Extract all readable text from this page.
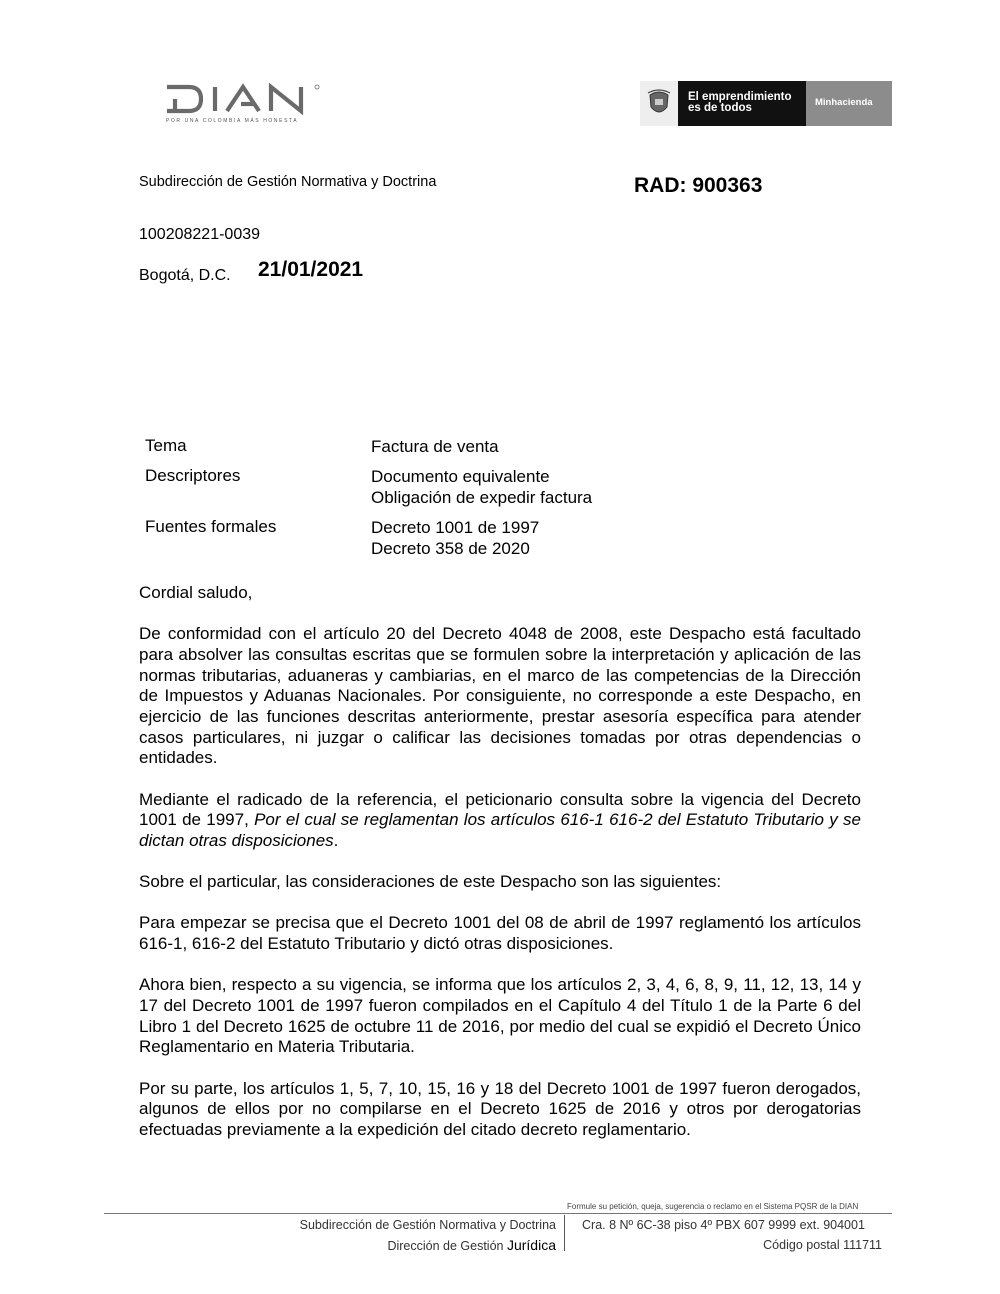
POR UNA COLOMBIA MÁS HONESTA
El emprendimiento
es de todos	Minhacienda
Subdirección de Gestión Normativa y Doctrina	RAD: 900363
100208221-0039
Bogotá, D.C. 21/01/2021
Tema	Factura de venta
Descriptores	Documento equivalente
Obligación de expedir factura
Fuentes formales	Decreto 1001 de 1997
Decreto 358 de 2020

Cordial saludo,

De conformidad con el artículo 20 del Decreto 4048 de 2008, este Despacho está facultado para absolver las consultas escritas que se formulen sobre la interpretación y aplicación de las normas tributarias, aduaneras y cambiarias, en el marco de las competencias de la Dirección de Impuestos y Aduanas Nacionales. Por consiguiente, no corresponde a este Despacho, en ejercicio de las funciones descritas anteriormente, prestar asesoría específica para atender casos particulares, ni juzgar o calificar las decisiones tomadas por otras dependencias o entidades.

Mediante el radicado de la referencia, el peticionario consulta sobre la vigencia del Decreto 1001 de 1997, Por el cual se reglamentan los artículos 616-1 616-2 del Estatuto Tributario y se dictan otras disposiciones.

Sobre el particular, las consideraciones de este Despacho son las siguientes:

Para empezar se precisa que el Decreto 1001 del 08 de abril de 1997 reglamentó los artículos 616-1, 616-2 del Estatuto Tributario y dictó otras disposiciones.

Ahora bien, respecto a su vigencia, se informa que los artículos 2, 3, 4, 6, 8, 9, 11, 12, 13, 14 y 17 del Decreto 1001 de 1997 fueron compilados en el Capítulo 4 del Título 1 de la Parte 6 del Libro 1 del Decreto 1625 de octubre 11 de 2016, por medio del cual se expidió el Decreto Único Reglamentario en Materia Tributaria.

Por su parte, los artículos 1, 5, 7, 10, 15, 16 y 18 del Decreto 1001 de 1997 fueron derogados, algunos de ellos por no compilarse en el Decreto 1625 de 2016 y otros por derogatorias efectuadas previamente a la expedición del citado decreto reglamentario.

Formule su petición, queja, sugerencia o reclamo en el Sistema PQSR de la DIAN
Subdirección de Gestión Normativa y Doctrina
Dirección de Gestión Jurídica
Cra. 8 Nº 6C-38 piso 4º PBX 607 9999 ext. 904001
Código postal 111711
